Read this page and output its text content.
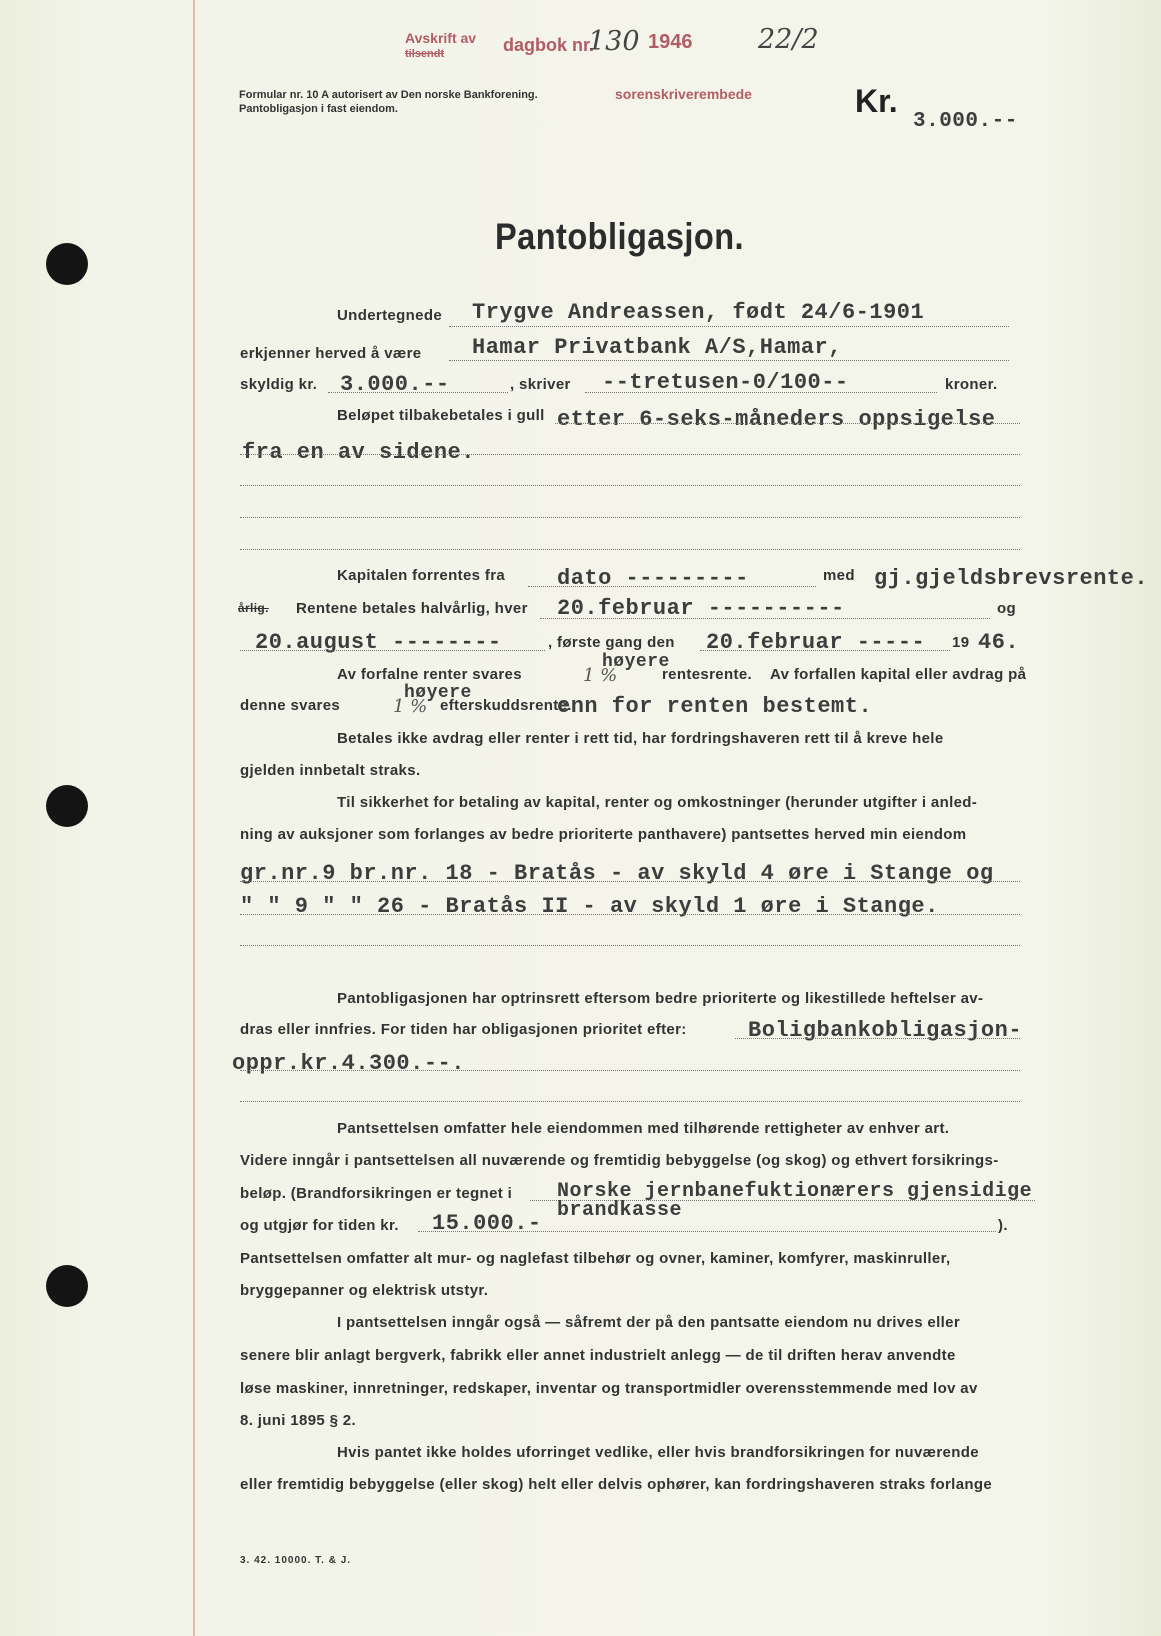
Avskrift av
tilsendt	dagbok nr.
130 1946 22/2
Formular nr. 10 A autorisert av Den norske Bankforening.	sorenskriverembede
Pantobligasjon i fast eiendom.	Kr.
3.000.--
Pantobligasjon.
Undertegnede Trygve Andreassen, født 24/6-1901
erkjenner herved å være Hamar Privatbank A/S,Hamar,
skyldig kr. 3.000.--	, skriver --tretusen-0/100--	kroner.
Beløpet tilbakebetales i gull etter 6-seks-måneders oppsigelse
fra en av sidene.
Kapitalen forrentes fra dato ---------	med gj.gjeldsbrevsrente.
årlig. Rentene betales halvårlig, hver 20.februar ----------	og
20.august --------	, første gang den 20.februar ----- 19 46.
Av forfalne renter svares	1 %
høyere
rentesrente. Av forfallen kapital eller avdrag på
denne svares	1 %
høyere
efterskuddsrente.
enn for renten bestemt.
Betales ikke avdrag eller renter i rett tid, har fordringshaveren rett til å kreve hele
gjelden innbetalt straks.
Til sikkerhet for betaling av kapital, renter og omkostninger (herunder utgifter i anled-
ning av auksjoner som forlanges av bedre prioriterte panthavere) pantsettes herved min eiendom
gr.nr.9 br.nr. 18 - Bratås - av skyld 4 øre i Stange og
" " 9 " " 26 - Bratås II - av skyld 1 øre i Stange.
Pantobligasjonen har optrinsrett eftersom bedre prioriterte og likestillede heftelser av-
dras eller innfries. For tiden har obligasjonen prioritet efter:	Boligbankobligasjon-
oppr.kr.4.300.--.
Pantsettelsen omfatter hele eiendommen med tilhørende rettigheter av enhver art.
Videre inngår i pantsettelsen all nuværende og fremtidig bebyggelse (og skog) og ethvert forsikrings-
beløp. (Brandforsikringen er tegnet i Norske jernbanefuktionærers gjensidige
brandkasse
og utgjør for tiden kr. 15.000.-	).
Pantsettelsen omfatter alt mur- og naglefast tilbehør og ovner, kaminer, komfyrer, maskinruller,
bryggepanner og elektrisk utstyr.
I pantsettelsen inngår også — såfremt der på den pantsatte eiendom nu drives eller
senere blir anlagt bergverk, fabrikk eller annet industrielt anlegg — de til driften herav anvendte
løse maskiner, innretninger, redskaper, inventar og transportmidler overensstemmende med lov av
8. juni 1895 § 2.
Hvis pantet ikke holdes uforringet vedlike, eller hvis brandforsikringen for nuværende
eller fremtidig bebyggelse (eller skog) helt eller delvis ophører, kan fordringshaveren straks forlange
3. 42. 10000. T. & J.
